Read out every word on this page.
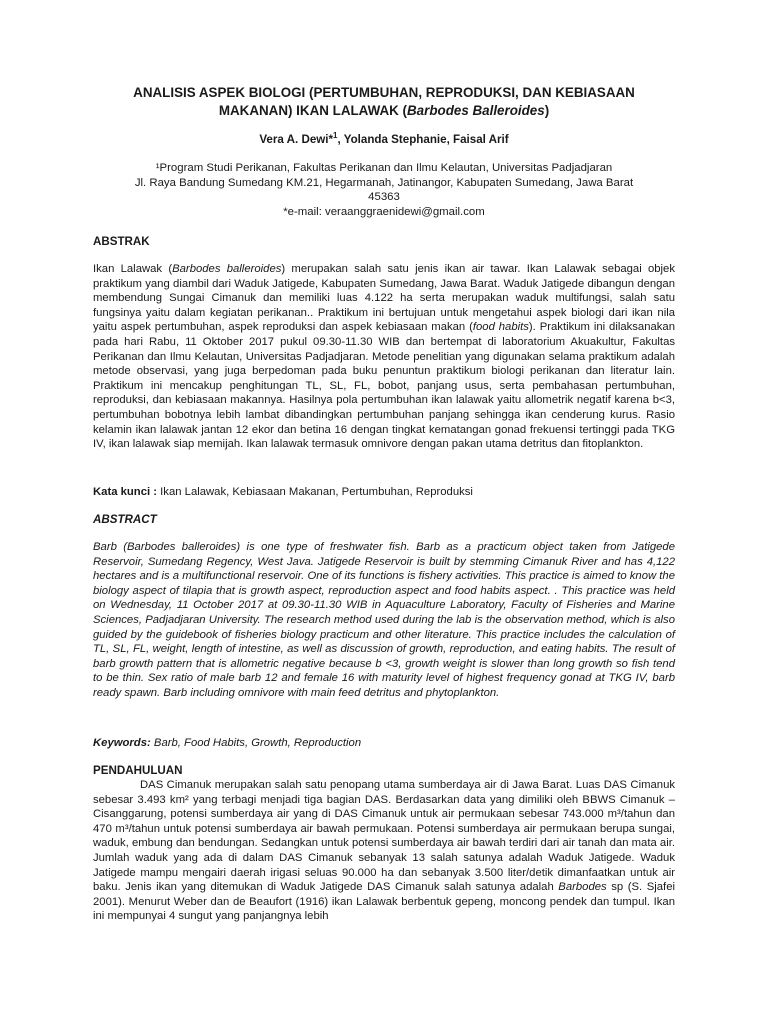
ANALISIS ASPEK BIOLOGI (PERTUMBUHAN, REPRODUKSI, DAN KEBIASAAN
MAKANAN) IKAN LALAWAK (Barbodes Balleroides)
Vera A. Dewi*$^1$, Yolanda Stephanie, Faisal Arif
¹Program Studi Perikanan, Fakultas Perikanan dan Ilmu Kelautan, Universitas Padjadjaran
Jl. Raya Bandung Sumedang KM.21, Hegarmanah, Jatinangor, Kabupaten Sumedang, Jawa Barat
45363
*e-mail: veraanggraenidewi@gmail.com
ABSTRAK
Ikan Lalawak (Barbodes balleroides) merupakan salah satu jenis ikan air tawar. Ikan Lalawak sebagai objek praktikum yang diambil dari Waduk Jatigede, Kabupaten Sumedang, Jawa Barat. Waduk Jatigede dibangun dengan membendung Sungai Cimanuk dan memiliki luas 4.122 ha serta merupakan waduk multifungsi, salah satu fungsinya yaitu dalam kegiatan perikanan.. Praktikum ini bertujuan untuk mengetahui aspek biologi dari ikan nila yaitu aspek pertumbuhan, aspek reproduksi dan aspek kebiasaan makan (food habits). Praktikum ini dilaksanakan pada hari Rabu, 11 Oktober 2017 pukul 09.30-11.30 WIB dan bertempat di laboratorium Akuakultur, Fakultas Perikanan dan Ilmu Kelautan, Universitas Padjadjaran. Metode penelitian yang digunakan selama praktikum adalah metode observasi, yang juga berpedoman pada buku penuntun praktikum biologi perikanan dan literatur lain. Praktikum ini mencakup penghitungan TL, SL, FL, bobot, panjang usus, serta pembahasan pertumbuhan, reproduksi, dan kebiasaan makannya. Hasilnya pola pertumbuhan ikan lalawak yaitu allometrik negatif karena b<3, pertumbuhan bobotnya lebih lambat dibandingkan pertumbuhan panjang sehingga ikan cenderung kurus. Rasio kelamin ikan lalawak jantan 12 ekor dan betina 16 dengan tingkat kematangan gonad frekuensi tertinggi pada TKG IV, ikan lalawak siap memijah. Ikan lalawak termasuk omnivore dengan pakan utama detritus dan fitoplankton.
Kata kunci : Ikan Lalawak, Kebiasaan Makanan, Pertumbuhan, Reproduksi
ABSTRACT
Barb (Barbodes balleroides) is one type of freshwater fish. Barb as a practicum object taken from Jatigede Reservoir, Sumedang Regency, West Java. Jatigede Reservoir is built by stemming Cimanuk River and has 4,122 hectares and is a multifunctional reservoir. One of its functions is fishery activities. This practice is aimed to know the biology aspect of tilapia that is growth aspect, reproduction aspect and food habits aspect. . This practice was held on Wednesday, 11 October 2017 at 09.30-11.30 WIB in Aquaculture Laboratory, Faculty of Fisheries and Marine Sciences, Padjadjaran University. The research method used during the lab is the observation method, which is also guided by the guidebook of fisheries biology practicum and other literature. This practice includes the calculation of TL, SL, FL, weight, length of intestine, as well as discussion of growth, reproduction, and eating habits. The result of barb growth pattern that is allometric negative because b <3, growth weight is slower than long growth so fish tend to be thin. Sex ratio of male barb 12 and female 16 with maturity level of highest frequency gonad at TKG IV, barb ready spawn. Barb including omnivore with main feed detritus and phytoplankton.
Keywords: Barb, Food Habits, Growth, Reproduction
PENDAHULUAN
DAS Cimanuk merupakan salah satu penopang utama sumberdaya air di Jawa Barat. Luas DAS Cimanuk sebesar 3.493 km² yang terbagi menjadi tiga bagian DAS. Berdasarkan data yang dimiliki oleh BBWS Cimanuk – Cisanggarung, potensi sumberdaya air yang di DAS Cimanuk untuk air permukaan sebesar 743.000 m³/tahun dan 470 m³/tahun untuk potensi sumberdaya air bawah permukaan. Potensi sumberdaya air permukaan berupa sungai, waduk, embung dan bendungan. Sedangkan untuk potensi sumberdaya air bawah terdiri dari air tanah dan mata air. Jumlah waduk yang ada di dalam DAS Cimanuk sebanyak 13 salah satunya adalah Waduk Jatigede. Waduk Jatigede mampu mengairi daerah irigasi seluas 90.000 ha dan sebanyak 3.500 liter/detik dimanfaatkan untuk air baku. Jenis ikan yang ditemukan di Waduk Jatigede DAS Cimanuk salah satunya adalah Barbodes sp (S. Sjafei 2001). Menurut Weber dan de Beaufort (1916) ikan Lalawak berbentuk gepeng, moncong pendek dan tumpul. Ikan ini mempunyai 4 sungut yang panjangnya lebih
